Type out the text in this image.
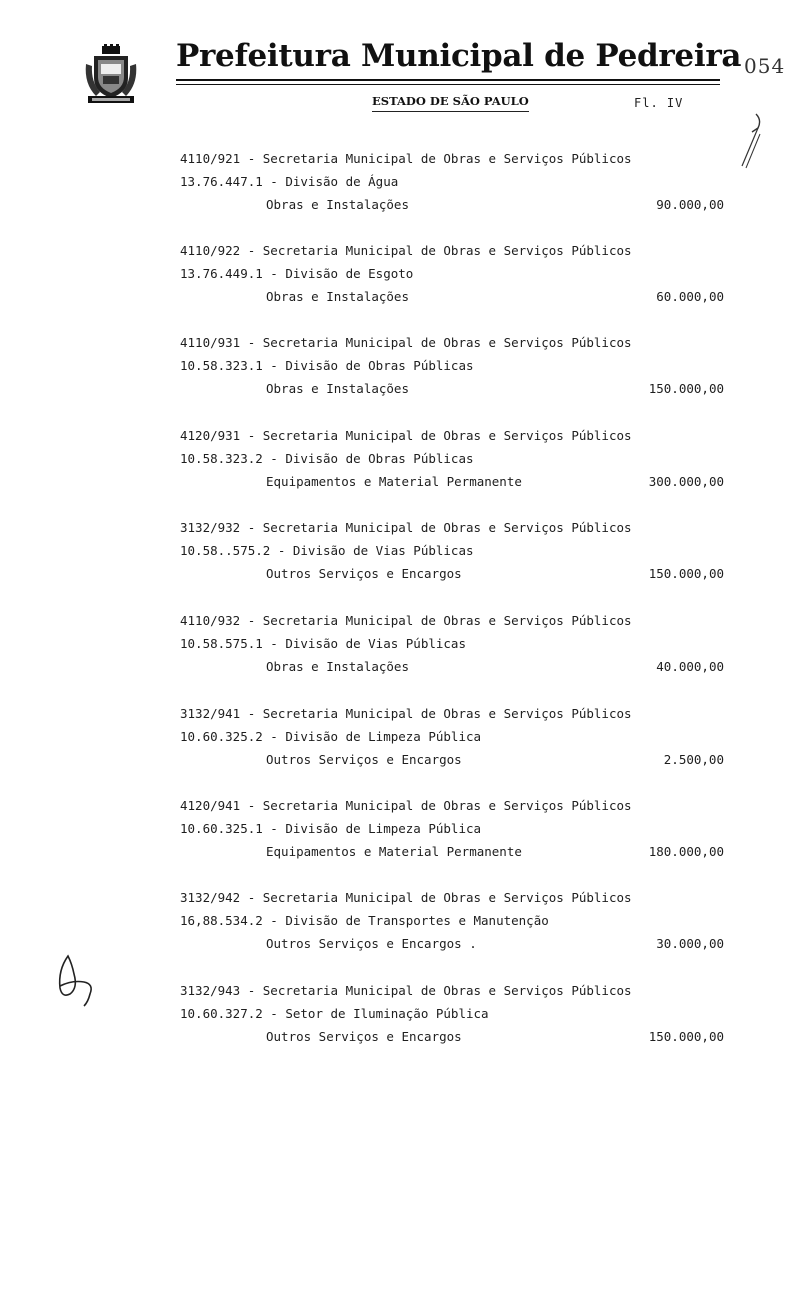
Prefeitura Municipal de Pedreira 054
ESTADO DE SÃO PAULO	Fl. IV
4110/921 - Secretaria Municipal de Obras e Serviços Públicos
13.76.447.1 - Divisão de Água
Obras e Instalações	90.000,00
4110/922 - Secretaria Municipal de Obras e Serviços Públicos
13.76.449.1 - Divisão de Esgoto
Obras e Instalações	60.000,00
4110/931 - Secretaria Municipal de Obras e Serviços Públicos
10.58.323.1 - Divisão de Obras Públicas
Obras e Instalações	150.000,00
4120/931 - Secretaria Municipal de Obras e Serviços Públicos
10.58.323.2 - Divisão de Obras Públicas
Equipamentos e Material Permanente	300.000,00
3132/932 - Secretaria Municipal de Obras e Serviços Públicos
10.58..575.2 - Divisão de Vias Públicas
Outros Serviços e Encargos	150.000,00
4110/932 - Secretaria Municipal de Obras e Serviços Públicos
10.58.575.1 - Divisão de Vias Públicas
Obras e Instalações	40.000,00
3132/941 - Secretaria Municipal de Obras e Serviços Públicos
10.60.325.2 - Divisão de Limpeza Pública
Outros Serviços e Encargos	2.500,00
4120/941 - Secretaria Municipal de Obras e Serviços Públicos
10.60.325.1 - Divisão de Limpeza Pública
Equipamentos e Material Permanente	180.000,00
3132/942 - Secretaria Municipal de Obras e Serviços Públicos
16,88.534.2 - Divisão de Transportes e Manutenção
Outros Serviços e Encargos .	30.000,00
3132/943 - Secretaria Municipal de Obras e Serviços Públicos
10.60.327.2 - Setor de Iluminação Pública
Outros Serviços e Encargos	150.000,00
